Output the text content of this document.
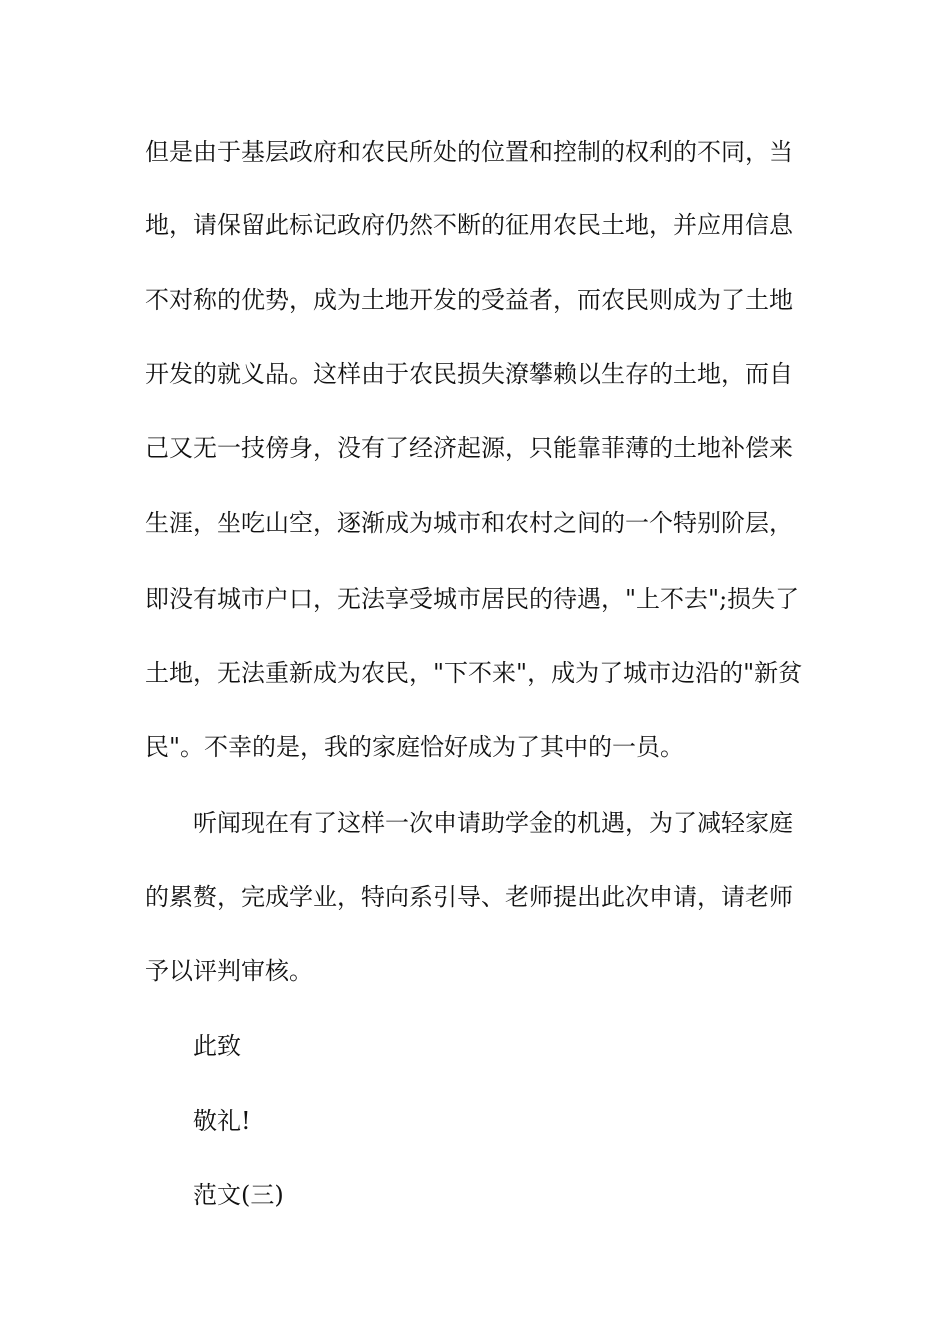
但是由于基层政府和农民所处的位置和控制的权利的不同，当
地，请保留此标记政府仍然不断的征用农民土地，并应用信息
不对称的优势，成为土地开发的受益者，而农民则成为了土地
开发的就义品。这样由于农民损失潦攀赖以生存的土地，而自
己又无一技傍身，没有了经济起源，只能靠菲薄的土地补偿来
生涯，坐吃山空，逐渐成为城市和农村之间的一个特别阶层，
即没有城市户口，无法享受城市居民的待遇，"上不去";损失了
土地，无法重新成为农民，"下不来"，成为了城市边沿的"新贫
民"。不幸的是，我的家庭恰好成为了其中的一员。
听闻现在有了这样一次申请助学金的机遇，为了减轻家庭
的累赘，完成学业，特向系引导、老师提出此次申请，请老师
予以评判审核。
此致
敬礼!
范文(三)
